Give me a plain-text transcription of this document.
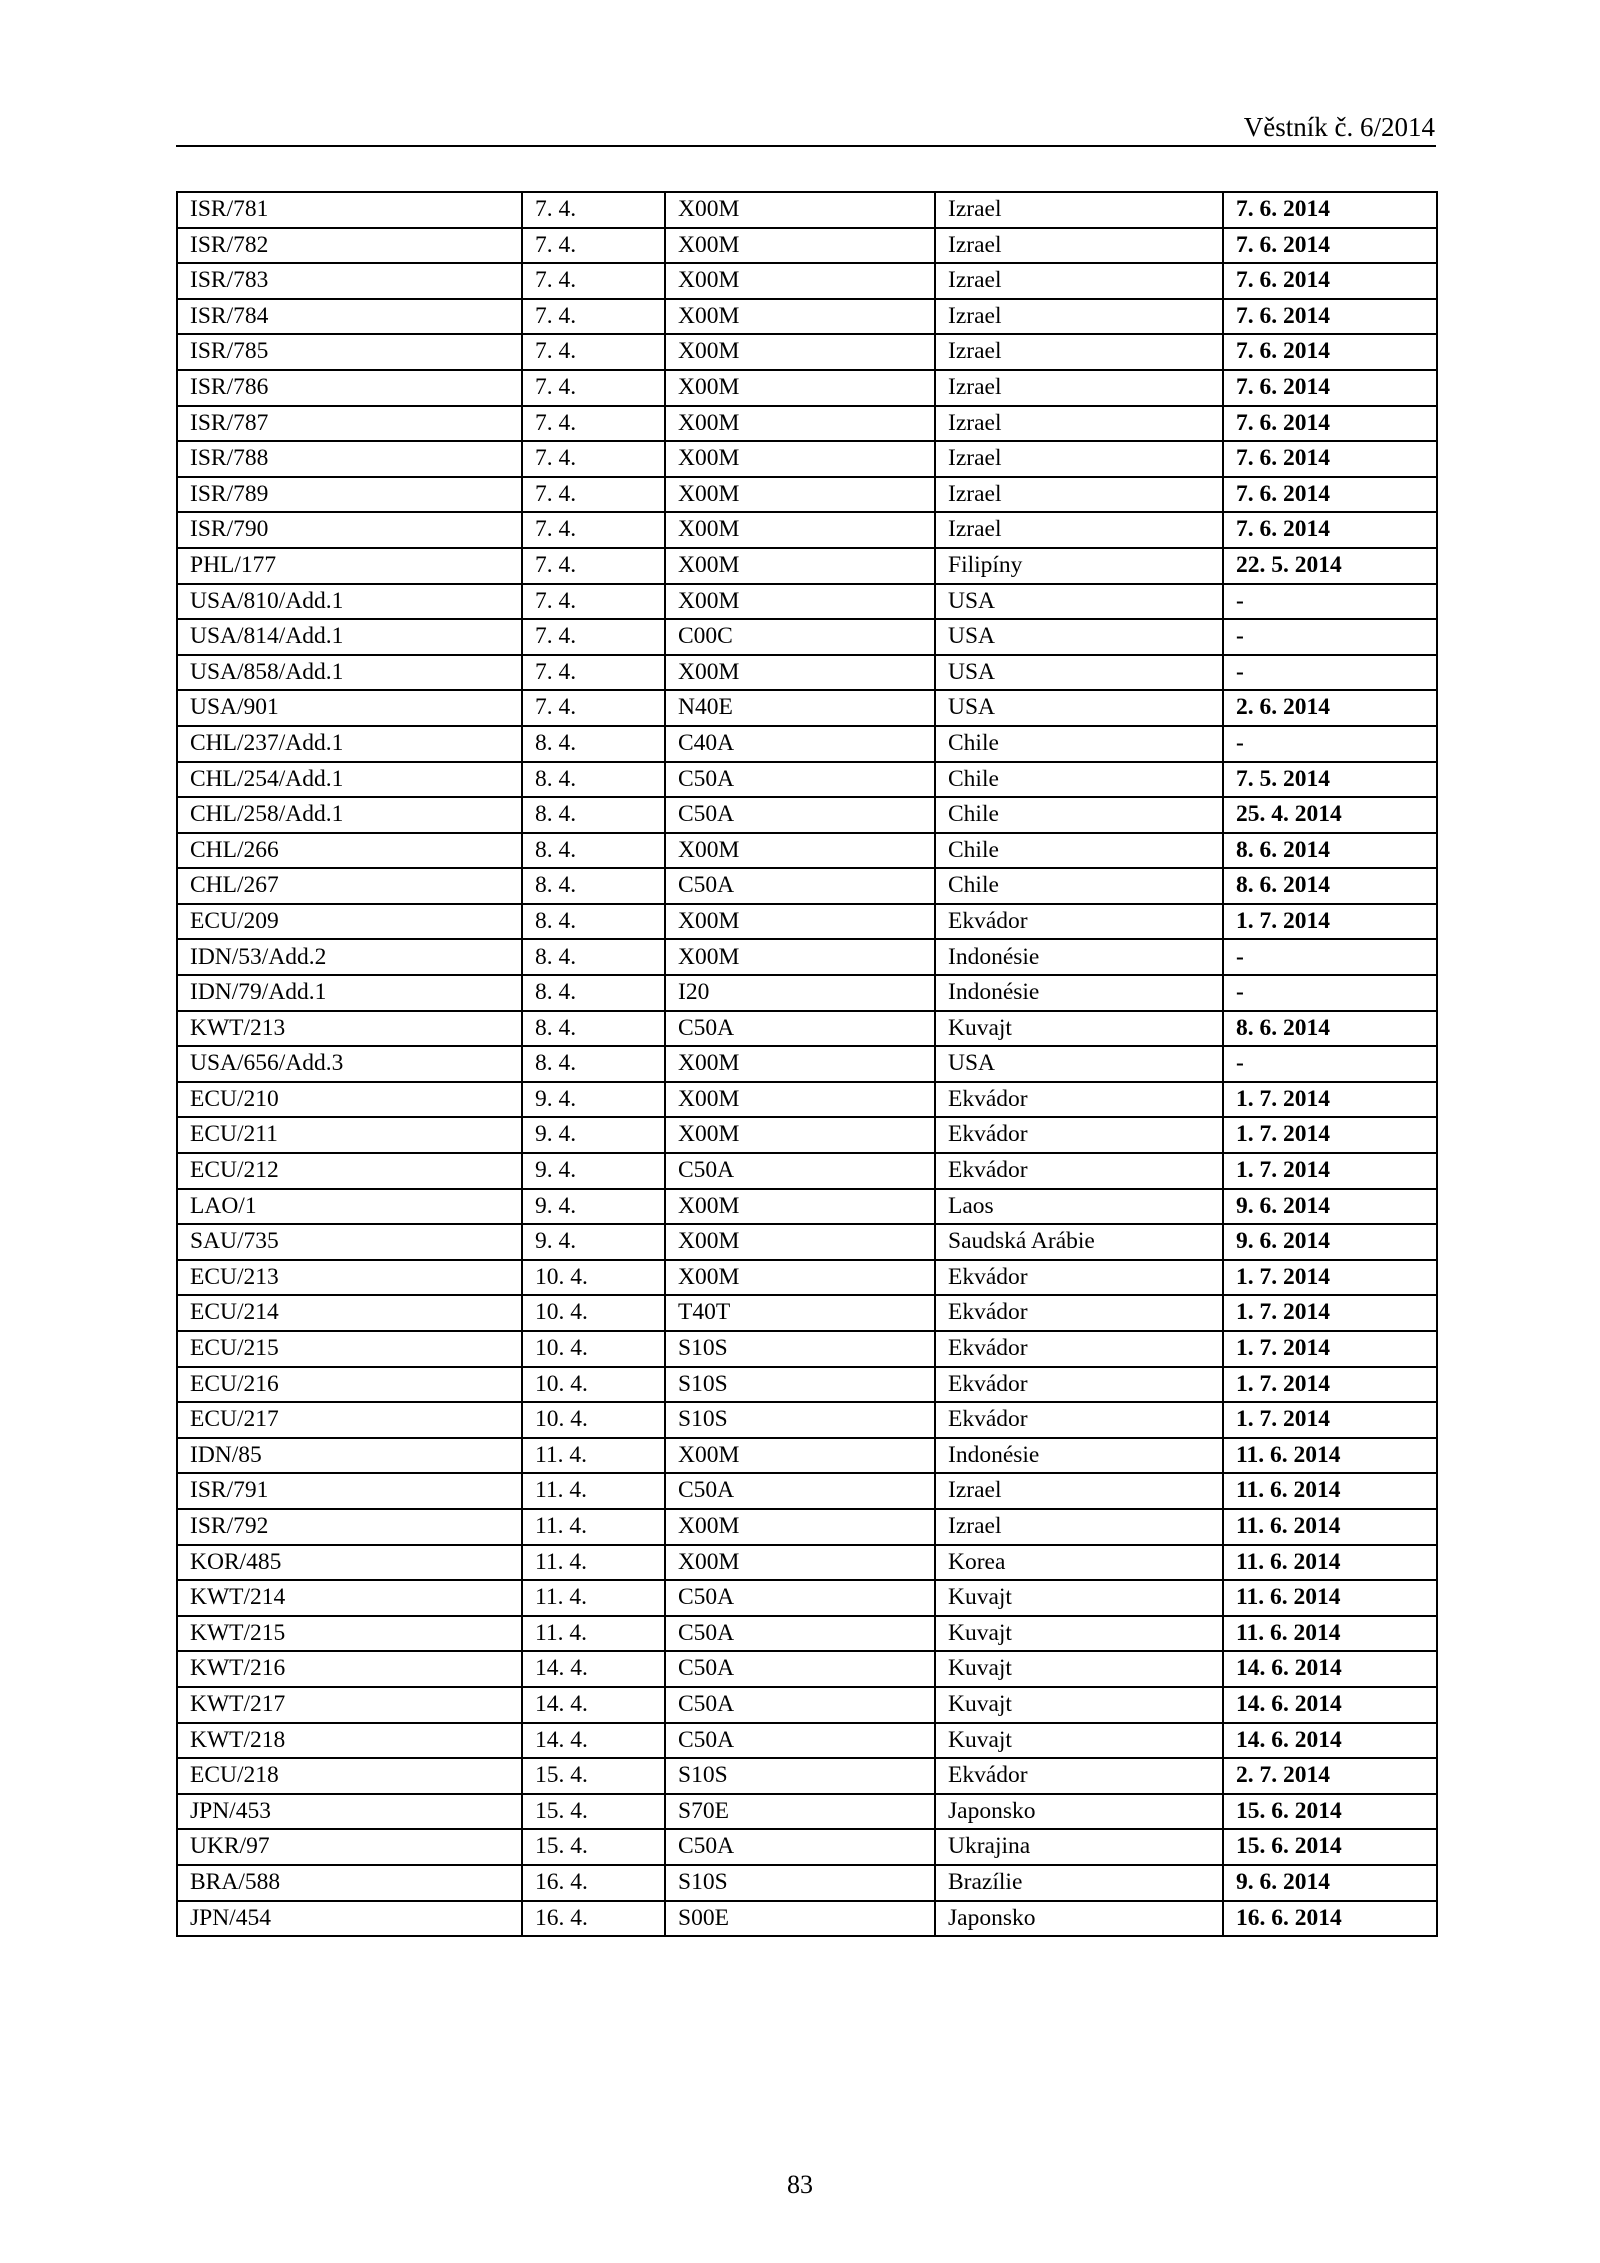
Věstník č. 6/2014
ISR/781	7. 4.	X00M	Izrael	7. 6. 2014
ISR/782	7. 4.	X00M	Izrael	7. 6. 2014
ISR/783	7. 4.	X00M	Izrael	7. 6. 2014
ISR/784	7. 4.	X00M	Izrael	7. 6. 2014
ISR/785	7. 4.	X00M	Izrael	7. 6. 2014
ISR/786	7. 4.	X00M	Izrael	7. 6. 2014
ISR/787	7. 4.	X00M	Izrael	7. 6. 2014
ISR/788	7. 4.	X00M	Izrael	7. 6. 2014
ISR/789	7. 4.	X00M	Izrael	7. 6. 2014
ISR/790	7. 4.	X00M	Izrael	7. 6. 2014
PHL/177	7. 4.	X00M	Filipíny	22. 5. 2014
USA/810/Add.1	7. 4.	X00M	USA	-
USA/814/Add.1	7. 4.	C00C	USA	-
USA/858/Add.1	7. 4.	X00M	USA	-
USA/901	7. 4.	N40E	USA	2. 6. 2014
CHL/237/Add.1	8. 4.	C40A	Chile	-
CHL/254/Add.1	8. 4.	C50A	Chile	7. 5. 2014
CHL/258/Add.1	8. 4.	C50A	Chile	25. 4. 2014
CHL/266	8. 4.	X00M	Chile	8. 6. 2014
CHL/267	8. 4.	C50A	Chile	8. 6. 2014
ECU/209	8. 4.	X00M	Ekvádor	1. 7. 2014
IDN/53/Add.2	8. 4.	X00M	Indonésie	-
IDN/79/Add.1	8. 4.	I20	Indonésie	-
KWT/213	8. 4.	C50A	Kuvajt	8. 6. 2014
USA/656/Add.3	8. 4.	X00M	USA	-
ECU/210	9. 4.	X00M	Ekvádor	1. 7. 2014
ECU/211	9. 4.	X00M	Ekvádor	1. 7. 2014
ECU/212	9. 4.	C50A	Ekvádor	1. 7. 2014
LAO/1	9. 4.	X00M	Laos	9. 6. 2014
SAU/735	9. 4.	X00M	Saudská Arábie	9. 6. 2014
ECU/213	10. 4.	X00M	Ekvádor	1. 7. 2014
ECU/214	10. 4.	T40T	Ekvádor	1. 7. 2014
ECU/215	10. 4.	S10S	Ekvádor	1. 7. 2014
ECU/216	10. 4.	S10S	Ekvádor	1. 7. 2014
ECU/217	10. 4.	S10S	Ekvádor	1. 7. 2014
IDN/85	11. 4.	X00M	Indonésie	11. 6. 2014
ISR/791	11. 4.	C50A	Izrael	11. 6. 2014
ISR/792	11. 4.	X00M	Izrael	11. 6. 2014
KOR/485	11. 4.	X00M	Korea	11. 6. 2014
KWT/214	11. 4.	C50A	Kuvajt	11. 6. 2014
KWT/215	11. 4.	C50A	Kuvajt	11. 6. 2014
KWT/216	14. 4.	C50A	Kuvajt	14. 6. 2014
KWT/217	14. 4.	C50A	Kuvajt	14. 6. 2014
KWT/218	14. 4.	C50A	Kuvajt	14. 6. 2014
ECU/218	15. 4.	S10S	Ekvádor	2. 7. 2014
JPN/453	15. 4.	S70E	Japonsko	15. 6. 2014
UKR/97	15. 4.	C50A	Ukrajina	15. 6. 2014
BRA/588	16. 4.	S10S	Brazílie	9. 6. 2014
JPN/454	16. 4.	S00E	Japonsko	16. 6. 2014
83
